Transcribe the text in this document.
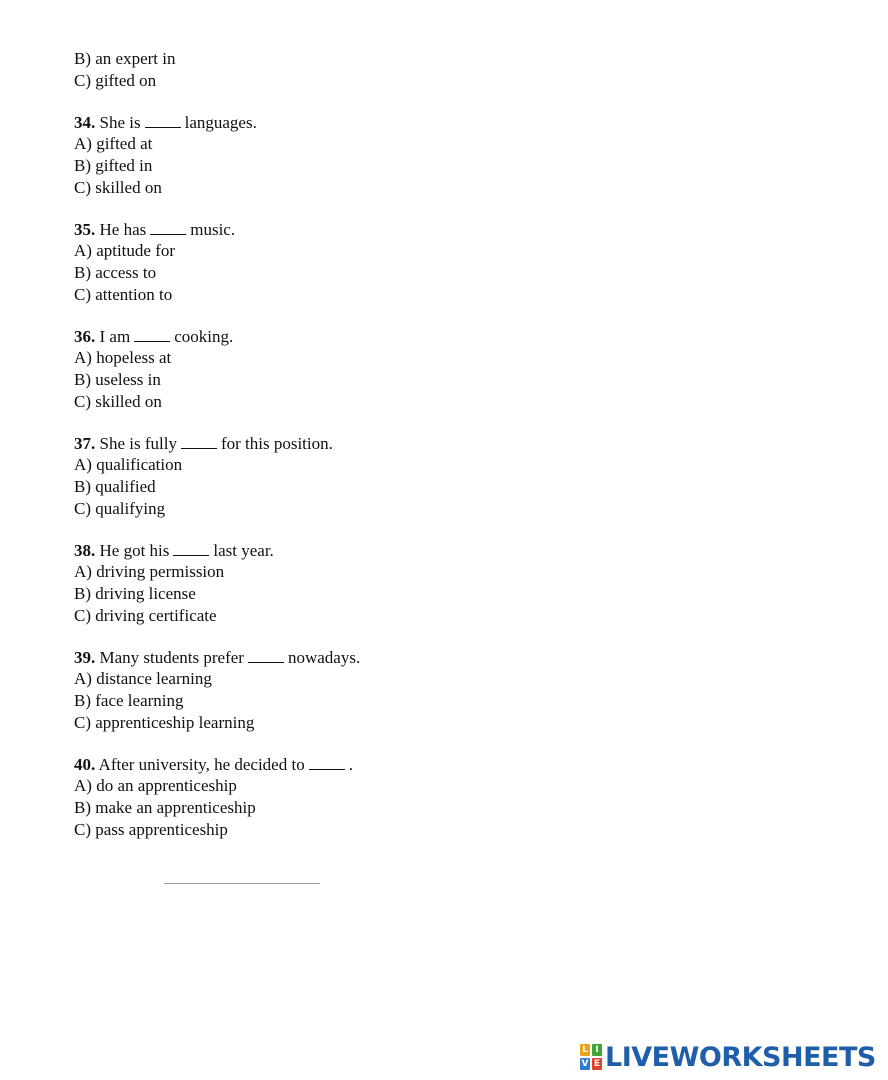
B) an expert in
C) gifted on
34. She is	languages.
A) gifted at
B) gifted in
C) skilled on
35. He has	music.
A) aptitude for
B) access to
C) attention to
36. I am	cooking.
A) hopeless at
B) useless in
C) skilled on
37. She is fully	for this position.
A) qualification
B) qualified
C) qualifying
38. He got his	last year.
A) driving permission
B) driving license
C) driving certificate
39. Many students prefer	nowadays.
A) distance learning
B) face learning
C) apprenticeship learning
40. After university, he decided to	.
A) do an apprenticeship
B) make an apprenticeship
C) pass apprenticeship
L I
V E LIVEWORKSHEETS
